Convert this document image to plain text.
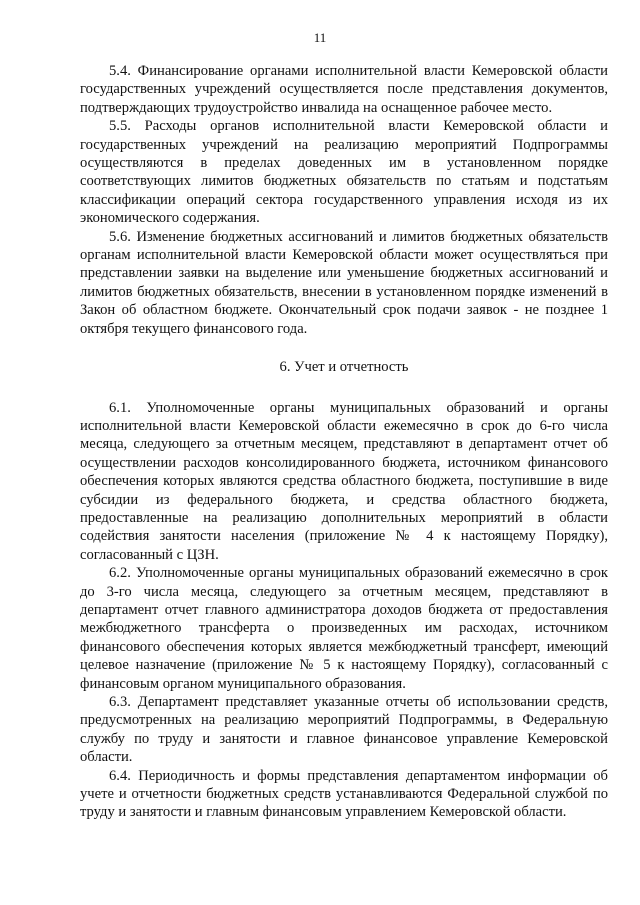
11

5.4. Финансирование органами исполнительной власти Кемеровской области государственных учреждений осуществляется после представления документов, подтверждающих трудоустройство инвалида на оснащенное рабочее место.

5.5. Расходы органов исполнительной власти Кемеровской области и государственных учреждений на реализацию мероприятий Подпрограммы осуществляются в пределах доведенных им в установленном порядке соответствующих лимитов бюджетных обязательств по статьям и подстатьям классификации операций сектора государственного управления исходя из их экономического содержания.

5.6. Изменение бюджетных ассигнований и лимитов бюджетных обязательств органам исполнительной власти Кемеровской области может осуществляться при представлении заявки на выделение или уменьшение бюджетных ассигнований и лимитов бюджетных обязательств, внесении в установленном порядке изменений в Закон об областном бюджете. Окончательный срок подачи заявок - не позднее 1 октября текущего финансового года.

6. Учет и отчетность

6.1. Уполномоченные органы муниципальных образований и органы исполнительной власти Кемеровской области ежемесячно в срок до 6-го числа месяца, следующего за отчетным месяцем, представляют в департамент отчет об осуществлении расходов консолидированного бюджета, источником финансового обеспечения которых являются средства областного бюджета, поступившие в виде субсидии из федерального бюджета, и средства областного бюджета, предоставленные на реализацию дополнительных мероприятий в области содействия занятости населения (приложение № 4 к настоящему Порядку), согласованный с ЦЗН.

6.2. Уполномоченные органы муниципальных образований ежемесячно в срок до 3-го числа месяца, следующего за отчетным месяцем, представляют в департамент отчет главного администратора доходов бюджета от предоставления межбюджетного трансферта о произведенных им расходах, источником финансового обеспечения которых является межбюджетный трансферт, имеющий целевое назначение (приложение № 5 к настоящему Порядку), согласованный с финансовым органом муниципального образования.

6.3. Департамент представляет указанные отчеты об использовании средств, предусмотренных на реализацию мероприятий Подпрограммы, в Федеральную службу по труду и занятости и главное финансовое управление Кемеровской области.

6.4. Периодичность и формы представления департаментом информации об учете и отчетности бюджетных средств устанавливаются Федеральной службой по труду и занятости и главным финансовым управлением Кемеровской области.
